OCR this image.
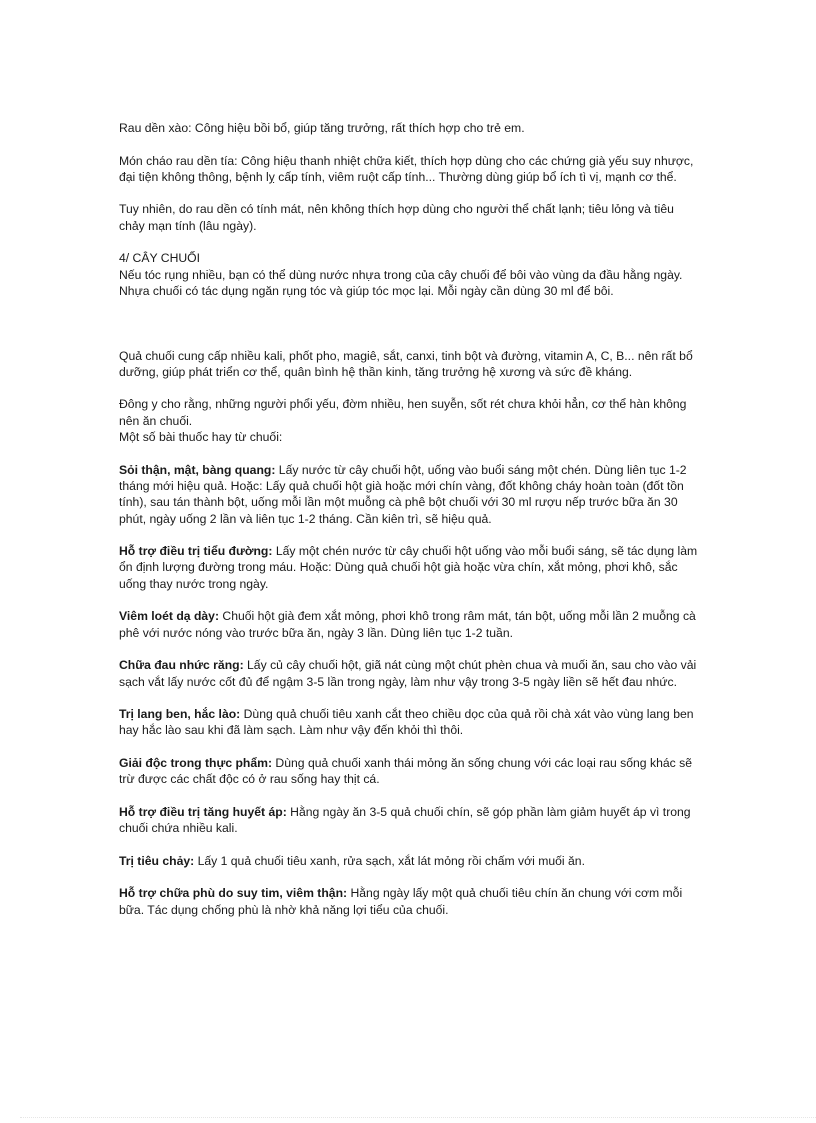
Rau dền xào: Công hiệu bồi bổ, giúp tăng trưởng, rất thích hợp cho trẻ em.

Món cháo rau dền tía: Công hiệu thanh nhiệt chữa kiết, thích hợp dùng cho các chứng già yếu suy nhược, đại tiện không thông, bệnh lỵ cấp tính, viêm ruột cấp tính... Thường dùng giúp bổ ích tì vị, mạnh cơ thể.

Tuy nhiên, do rau dền có tính mát, nên không thích hợp dùng cho người thể chất lạnh; tiêu lỏng và tiêu chảy mạn tính (lâu ngày).

4/ CÂY CHUỐI
Nếu tóc rụng nhiều, bạn có thể dùng nước nhựa trong của cây chuối để bôi vào vùng da đầu hằng ngày. Nhựa chuối có tác dụng ngăn rụng tóc và giúp tóc mọc lại. Mỗi ngày cần dùng 30 ml để bôi.

Quả chuối cung cấp nhiều kali, phốt pho, magiê, sắt, canxi, tinh bột và đường, vitamin A, C, B... nên rất bổ dưỡng, giúp phát triển cơ thể, quân bình hệ thần kinh, tăng trưởng hệ xương và sức đề kháng.

Đông y cho rằng, những người phổi yếu, đờm nhiều, hen suyễn, sốt rét chưa khỏi hẳn, cơ thể hàn không nên ăn chuối.
Một số bài thuốc hay từ chuối:

Sỏi thận, mật, bàng quang: Lấy nước từ cây chuối hột, uống vào buổi sáng một chén. Dùng liên tục 1-2 tháng mới hiệu quả. Hoặc: Lấy quả chuối hột già hoặc mới chín vàng, đốt không cháy hoàn toàn (đốt tồn tính), sau tán thành bột, uống mỗi lần một muỗng cà phê bột chuối với 30 ml rượu nếp trước bữa ăn 30 phút, ngày uống 2 lần và liên tục 1-2 tháng. Cần kiên trì, sẽ hiệu quả.

Hỗ trợ điều trị tiểu đường: Lấy một chén nước từ cây chuối hột uống vào mỗi buổi sáng, sẽ tác dụng làm ổn định lượng đường trong máu. Hoặc: Dùng quả chuối hột già hoặc vừa chín, xắt mỏng, phơi khô, sắc uống thay nước trong ngày.

Viêm loét dạ dày: Chuối hột già đem xắt mỏng, phơi khô trong râm mát, tán bột, uống mỗi lần 2 muỗng cà phê với nước nóng vào trước bữa ăn, ngày 3 lần. Dùng liên tục 1-2 tuần.

Chữa đau nhức răng: Lấy củ cây chuối hột, giã nát cùng một chút phèn chua và muối ăn, sau cho vào vải sạch vắt lấy nước cốt đủ để ngậm 3-5 lần trong ngày, làm như vậy trong 3-5 ngày liền sẽ hết đau nhức.

Trị lang ben, hắc lào: Dùng quả chuối tiêu xanh cắt theo chiều dọc của quả rồi chà xát vào vùng lang ben hay hắc lào sau khi đã làm sạch. Làm như vậy đến khỏi thì thôi.

Giải độc trong thực phẩm: Dùng quả chuối xanh thái mỏng ăn sống chung với các loại rau sống khác sẽ trừ được các chất độc có ở rau sống hay thịt cá.

Hỗ trợ điều trị tăng huyết áp: Hằng ngày ăn 3-5 quả chuối chín, sẽ góp phần làm giảm huyết áp vì trong chuối chứa nhiều kali.

Trị tiêu chảy: Lấy 1 quả chuối tiêu xanh, rửa sạch, xắt lát mỏng rồi chấm với muối ăn.

Hỗ trợ chữa phù do suy tim, viêm thận: Hằng ngày lấy một quả chuối tiêu chín ăn chung với cơm mỗi bữa. Tác dụng chống phù là nhờ khả năng lợi tiểu của chuối.
